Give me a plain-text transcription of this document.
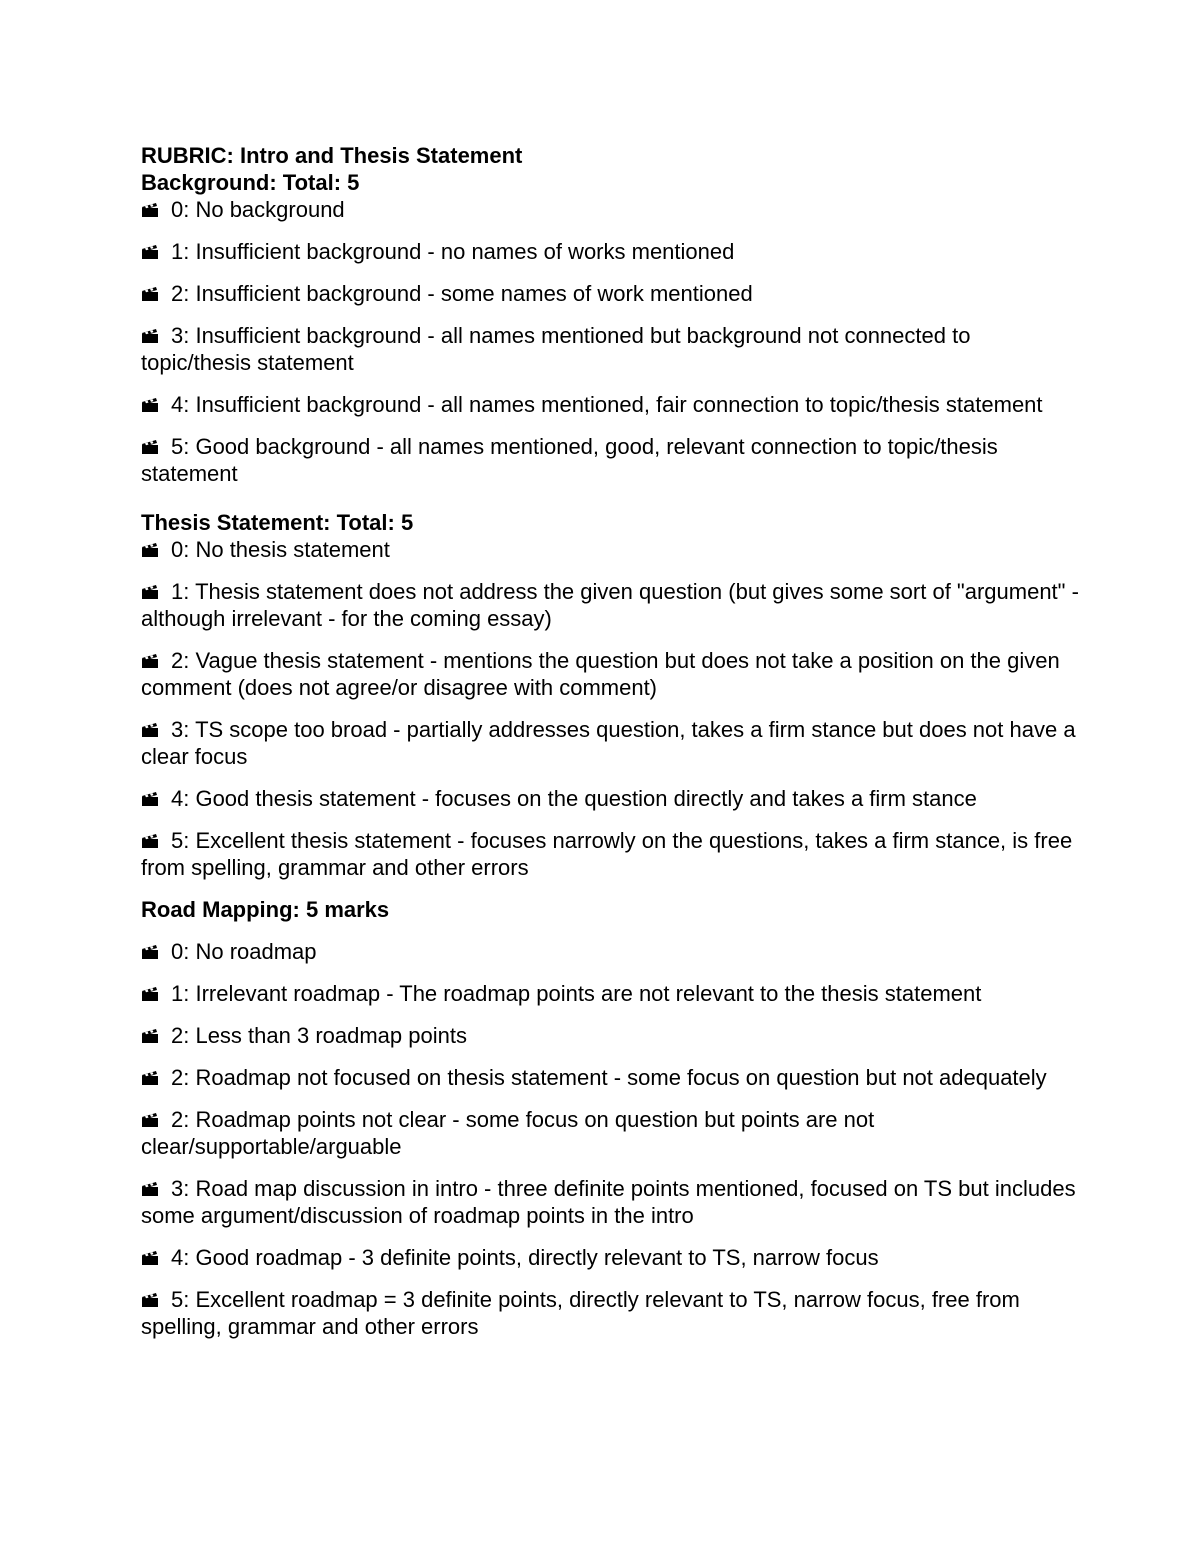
RUBRIC: Intro and Thesis Statement

Background: Total: 5

0: No background
1: Insufficient background - no names of works mentioned
2: Insufficient background - some names of work mentioned
3: Insufficient background - all names mentioned but background not connected to topic/thesis statement
4: Insufficient background - all names mentioned, fair connection to topic/thesis statement
5: Good background - all names mentioned, good, relevant connection to topic/thesis statement

Thesis Statement: Total: 5

0: No thesis statement
1: Thesis statement does not address the given question (but gives some sort of "argument" - although irrelevant - for the coming essay)
2: Vague thesis statement - mentions the question but does not take a position on the given comment (does not agree/or disagree with comment)
3: TS scope too broad - partially addresses question, takes a firm stance but does not have a clear focus
4: Good thesis statement - focuses on the question directly and takes a firm stance
5: Excellent thesis statement - focuses narrowly on the questions, takes a firm stance, is free from spelling, grammar and other errors

Road Mapping: 5 marks

0: No roadmap
1: Irrelevant roadmap - The roadmap points are not relevant to the thesis statement
2: Less than 3 roadmap points
2: Roadmap not focused on thesis statement - some focus on question but not adequately
2: Roadmap points not clear - some focus on question but points are not clear/supportable/arguable
3: Road map discussion in intro - three definite points mentioned, focused on TS but includes some argument/discussion of roadmap points in the intro
4: Good roadmap - 3 definite points, directly relevant to TS, narrow focus
5: Excellent roadmap = 3 definite points, directly relevant to TS, narrow focus, free from spelling, grammar and other errors
